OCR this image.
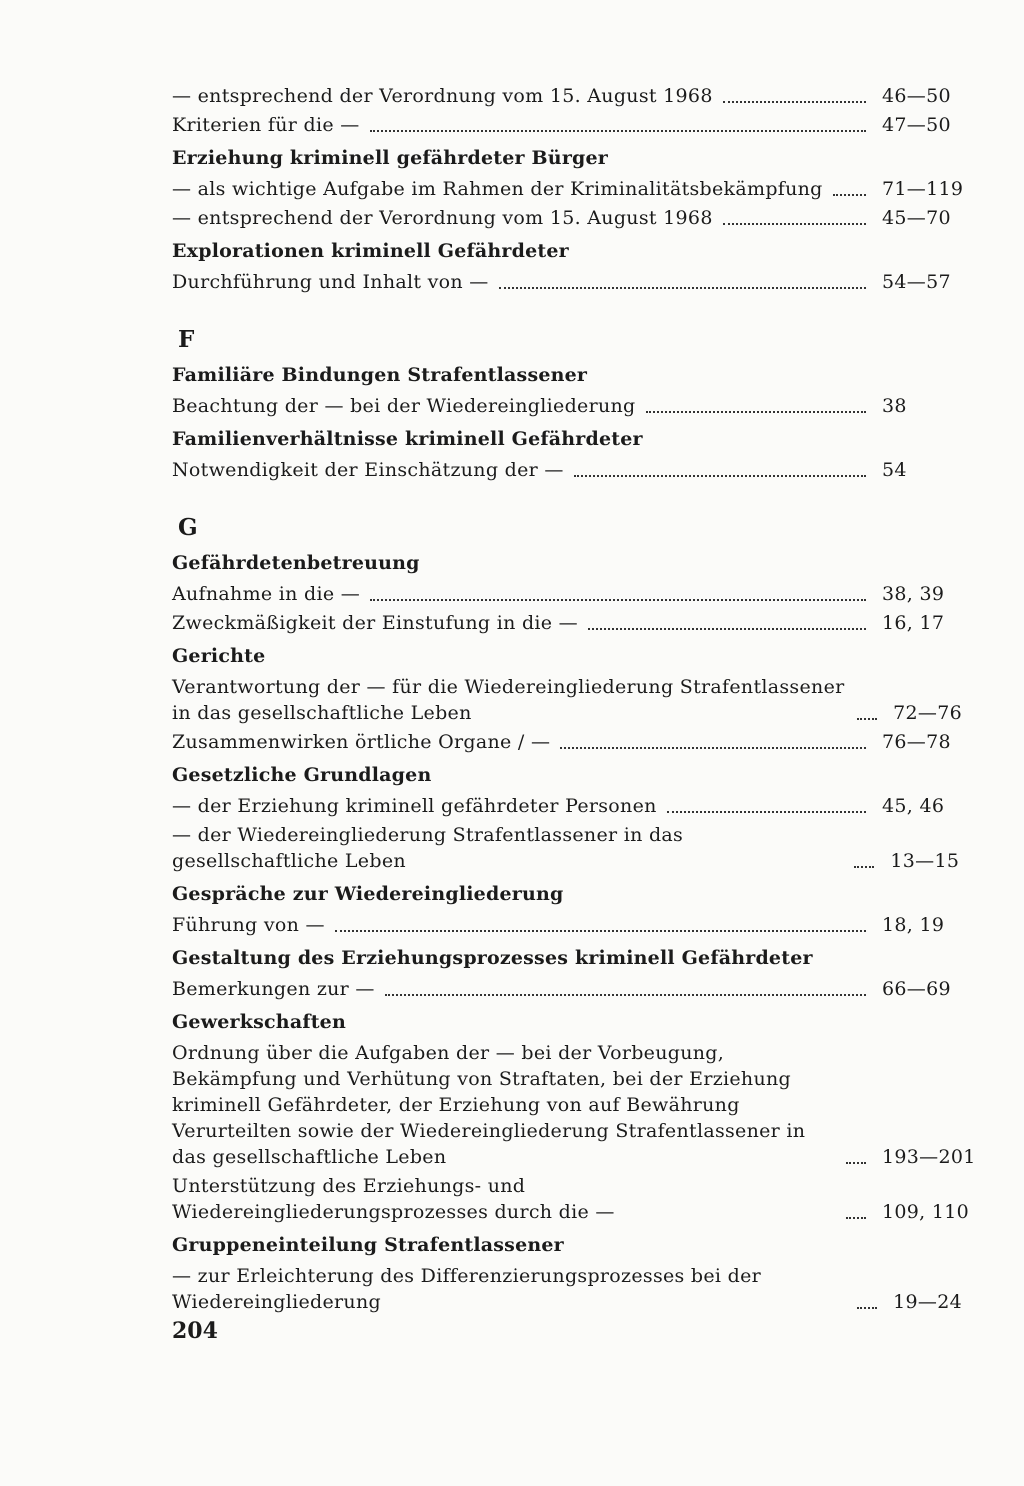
— entsprechend der Verordnung vom 15. August 1968	46—50
Kriterien für die —	47—50
Erziehung kriminell gefährdeter Bürger
— als wichtige Aufgabe im Rahmen der Kriminalitätsbekämpfung	71—119
— entsprechend der Verordnung vom 15. August 1968	45—70
Explorationen kriminell Gefährdeter
Durchführung und Inhalt von —	54—57
F
Familiäre Bindungen Strafentlassener
Beachtung der — bei der Wiedereingliederung	38
Familienverhältnisse kriminell Gefährdeter
Notwendigkeit der Einschätzung der —	54
G
Gefährdetenbetreuung
Aufnahme in die —	38, 39
Zweckmäßigkeit der Einstufung in die —	16, 17
Gerichte
Verantwortung der — für die Wiedereingliederung Strafentlassener in das gesellschaftliche Leben	72—76
Zusammenwirken örtliche Organe / —	76—78
Gesetzliche Grundlagen
— der Erziehung kriminell gefährdeter Personen	45, 46
— der Wiedereingliederung Strafentlassener in das gesellschaftliche Leben	13—15
Gespräche zur Wiedereingliederung
Führung von —	18, 19
Gestaltung des Erziehungsprozesses kriminell Gefährdeter
Bemerkungen zur —	66—69
Gewerkschaften
Ordnung über die Aufgaben der — bei der Vorbeugung, Bekämpfung und Verhütung von Straftaten, bei der Erziehung kriminell Gefährdeter, der Erziehung von auf Bewährung Verurteilten sowie der Wiedereingliederung Strafentlassener in das gesellschaftliche Leben	193—201
Unterstützung des Erziehungs- und Wiedereingliederungsprozesses durch die —	109, 110
Gruppeneinteilung Strafentlassener
— zur Erleichterung des Differenzierungsprozesses bei der Wiedereingliederung	19—24
204
